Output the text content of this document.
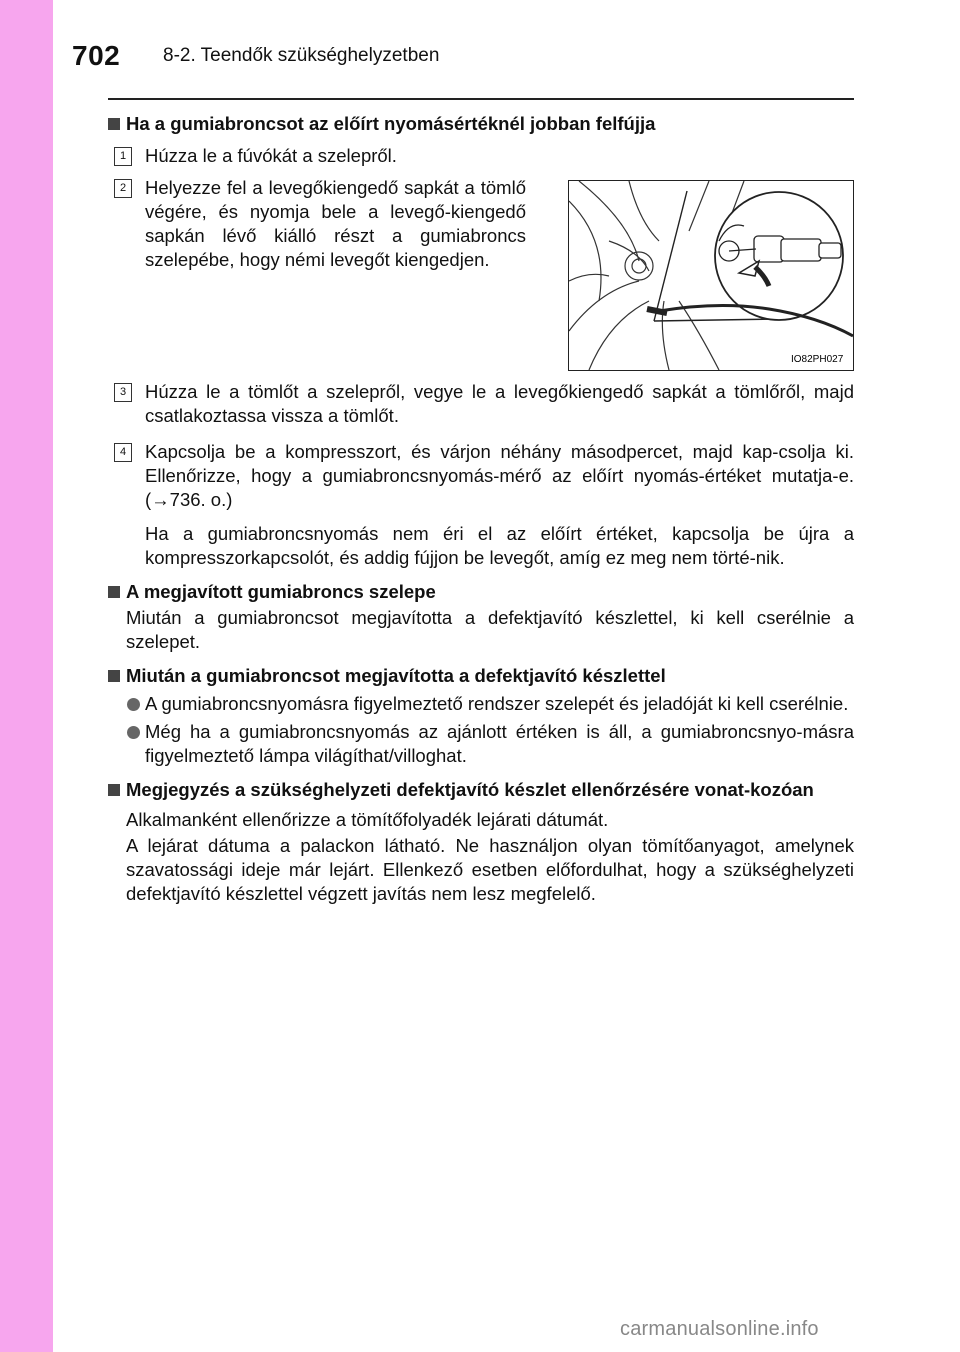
702 8-2. Teendők szükséghelyzetben
Ha a gumiabroncsot az előírt nyomásértéknél jobban felfújja
1	Húzza le a fúvókát a szelepről.
2	Helyezze fel a levegőkiengedő sapkát a tömlő végére, és nyomja bele a levegő-kiengedő sapkán lévő kiálló részt a gumiabroncs szelepébe, hogy némi levegőt kiengedjen.
IO82PH027
3	Húzza le a tömlőt a szelepről, vegye le a levegőkiengedő sapkát a tömlőről, majd csatlakoztassa vissza a tömlőt.
4	Kapcsolja be a kompresszort, és várjon néhány másodpercet, majd kap-csolja ki. Ellenőrizze, hogy a gumiabroncsnyomás-mérő az előírt nyomás-értéket mutatja-e. (→736. o.)
Ha a gumiabroncsnyomás nem éri el az előírt értéket, kapcsolja be újra a kompresszorkapcsolót, és addig fújjon be levegőt, amíg ez meg nem törté-nik.
A megjavított gumiabroncs szelepe
Miután a gumiabroncsot megjavította a defektjavító készlettel, ki kell cserélnie a szelepet.
Miután a gumiabroncsot megjavította a defektjavító készlettel
A gumiabroncsnyomásra figyelmeztető rendszer szelepét és jeladóját ki kell cserélnie.
Még ha a gumiabroncsnyomás az ajánlott értéken is áll, a gumiabroncsnyo-másra figyelmeztető lámpa világíthat/villoghat.
Megjegyzés a szükséghelyzeti defektjavító készlet ellenőrzésére vonat-kozóan
Alkalmanként ellenőrizze a tömítőfolyadék lejárati dátumát.
A lejárat dátuma a palackon látható. Ne használjon olyan tömítőanyagot, amelynek szavatossági ideje már lejárt. Ellenkező esetben előfordulhat, hogy a szükséghelyzeti defektjavító készlettel végzett javítás nem lesz megfelelő.
carmanualsonline.info
